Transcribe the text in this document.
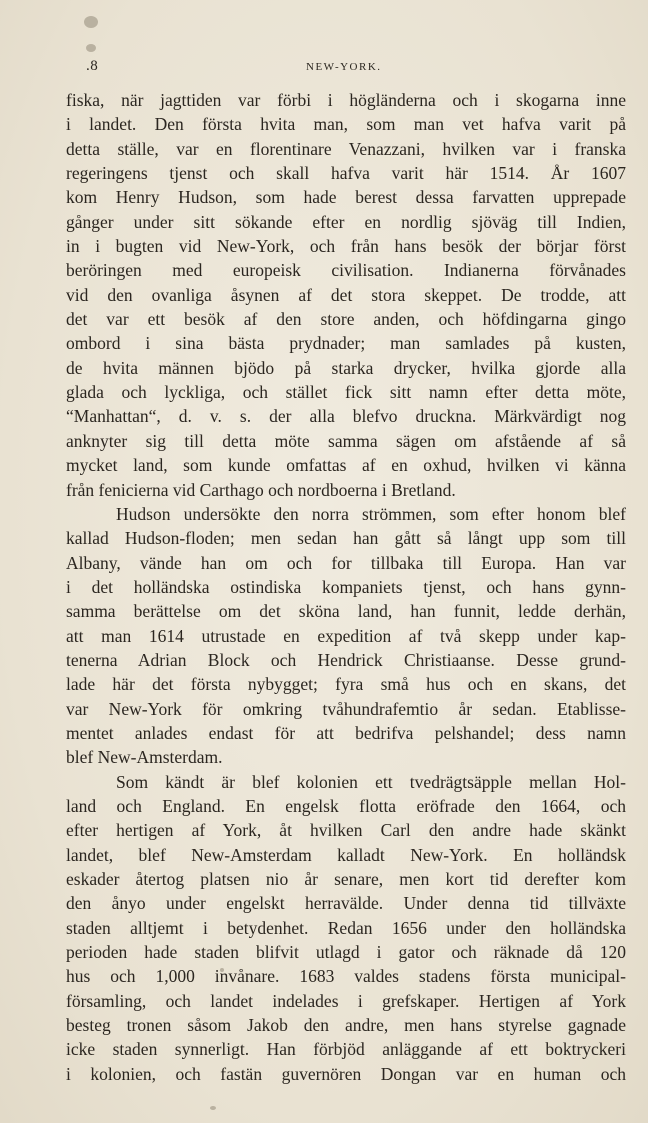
.8	NEW-YORK.
fiska, när jagttiden var förbi i högländerna och i skogarna inne
i landet. Den första hvita man, som man vet hafva varit på
detta ställe, var en florentinare Venazzani, hvilken var i franska
regeringens tjenst och skall hafva varit här 1514. År 1607
kom Henry Hudson, som hade berest dessa farvatten upprepade
gånger under sitt sökande efter en nordlig sjöväg till Indien,
in i bugten vid New-York, och från hans besök der börjar först
beröringen med europeisk civilisation. Indianerna förvånades
vid den ovanliga åsynen af det stora skeppet. De trodde, att
det var ett besök af den store anden, och höfdingarna gingo
ombord i sina bästa prydnader; man samlades på kusten,
de hvita männen bjödo på starka drycker, hvilka gjorde alla
glada och lyckliga, och stället fick sitt namn efter detta möte,
“Manhattan“, d. v. s. der alla blefvo druckna. Märkvärdigt nog
anknyter sig till detta möte samma sägen om afstående af så
mycket land, som kunde omfattas af en oxhud, hvilken vi känna
från fenicierna vid Carthago och nordboerna i Bretland.
Hudson undersökte den norra strömmen, som efter honom blef
kallad Hudson-floden; men sedan han gått så långt upp som till
Albany, vände han om och for tillbaka till Europa. Han var
i det holländska ostindiska kompaniets tjenst, och hans gynn-
samma berättelse om det sköna land, han funnit, ledde derhän,
att man 1614 utrustade en expedition af två skepp under kap-
tenerna Adrian Block och Hendrick Christiaanse. Desse grund-
lade här det första nybygget; fyra små hus och en skans, det
var New-York för omkring tvåhundrafemtio år sedan. Etablisse-
mentet anlades endast för att bedrifva pelshandel; dess namn
blef New-Amsterdam.
Som kändt är blef kolonien ett tvedrägtsäpple mellan Hol-
land och England. En engelsk flotta eröfrade den 1664, och
efter hertigen af York, åt hvilken Carl den andre hade skänkt
landet, blef New-Amsterdam kalladt New-York. En holländsk
eskader återtog platsen nio år senare, men kort tid derefter kom
den ånyo under engelskt herravälde. Under denna tid tillväxte
staden alltjemt i betydenhet. Redan 1656 under den holländska
perioden hade staden blifvit utlagd i gator och räknade då 120
hus och 1,000 invånare. 1683 valdes stadens första municipal-
församling, och landet indelades i grefskaper. Hertigen af York
besteg tronen såsom Jakob den andre, men hans styrelse gagnade
icke staden synnerligt. Han förbjöd anläggande af ett boktryckeri
i kolonien, och fastän guvernören Dongan var en human och
